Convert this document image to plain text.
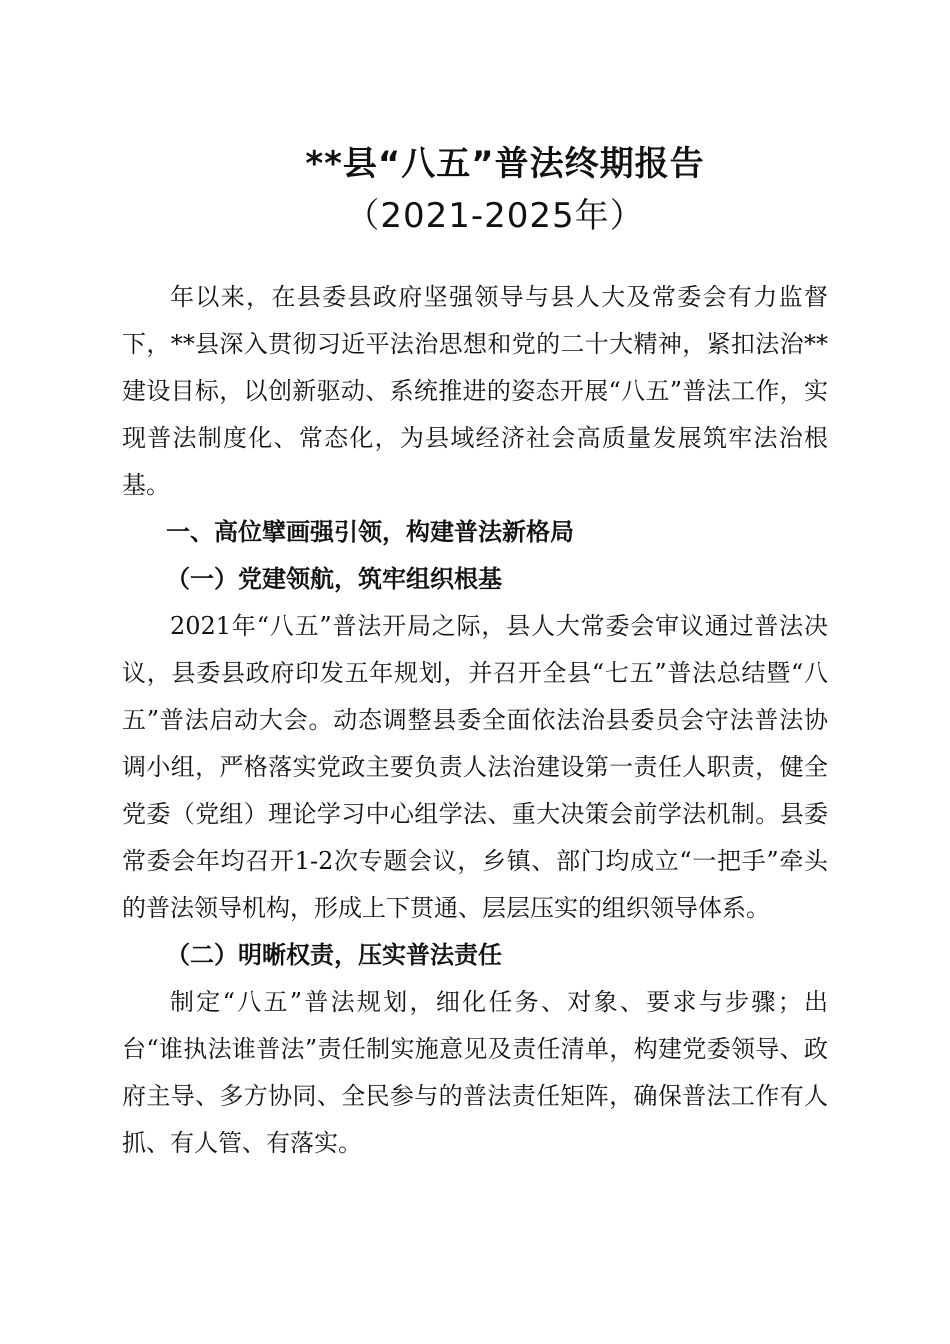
**县“八五”普法终期报告
（2021-2025年）

年以来，在县委县政府坚强领导与县人大及常委会有力监督下，**县深入贯彻习近平法治思想和党的二十大精神，紧扣法治**建设目标，以创新驱动、系统推进的姿态开展“八五”普法工作，实现普法制度化、常态化，为县域经济社会高质量发展筑牢法治根基。

一、高位擘画强引领，构建普法新格局

（一）党建领航，筑牢组织根基

2021年“八五”普法开局之际，县人大常委会审议通过普法决议，县委县政府印发五年规划，并召开全县“七五”普法总结暨“八五”普法启动大会。动态调整县委全面依法治县委员会守法普法协调小组，严格落实党政主要负责人法治建设第一责任人职责，健全党委（党组）理论学习中心组学法、重大决策会前学法机制。县委常委会年均召开1-2次专题会议，乡镇、部门均成立“一把手”牵头的普法领导机构，形成上下贯通、层层压实的组织领导体系。

（二）明晰权责，压实普法责任

制定“八五”普法规划，细化任务、对象、要求与步骤；出台“谁执法谁普法”责任制实施意见及责任清单，构建党委领导、政府主导、多方协同、全民参与的普法责任矩阵，确保普法工作有人抓、有人管、有落实。
